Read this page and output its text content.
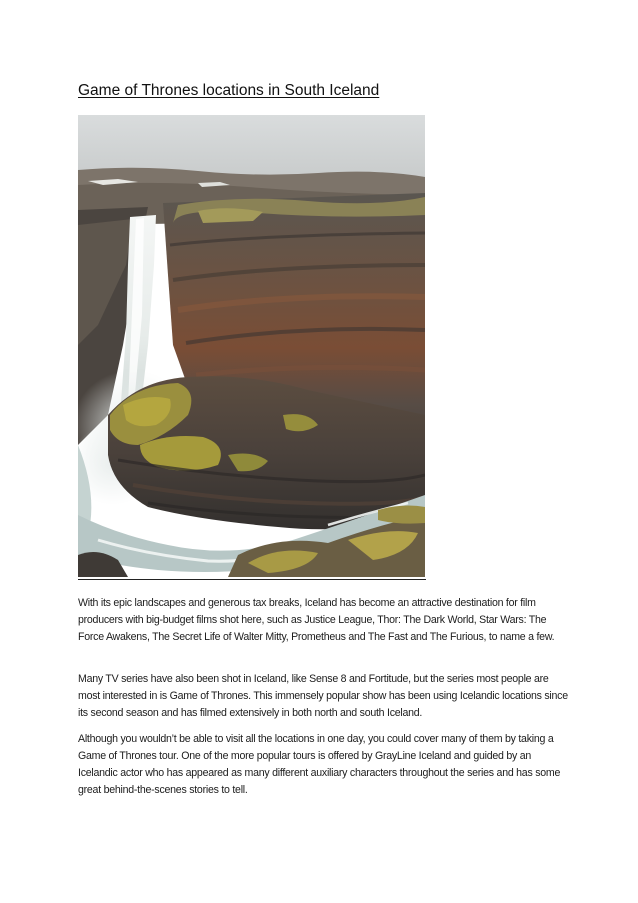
Game of Thrones locations in South Iceland

With its epic landscapes and generous tax breaks, Iceland has become an attractive destination for film producers with big-budget films shot here, such as Justice League, Thor: The Dark World, Star Wars: The Force Awakens, The Secret Life of Walter Mitty, Prometheus and The Fast and The Furious, to name a few.

Many TV series have also been shot in Iceland, like Sense 8 and Fortitude, but the series most people are most interested in is Game of Thrones. This immensely popular show has been using Icelandic locations since its second season and has filmed extensively in both north and south Iceland.

Although you wouldn’t be able to visit all the locations in one day, you could cover many of them by taking a Game of Thrones tour. One of the more popular tours is offered by GrayLine Iceland and guided by an Icelandic actor who has appeared as many different auxiliary characters throughout the series and has some great behind-the-scenes stories to tell.
